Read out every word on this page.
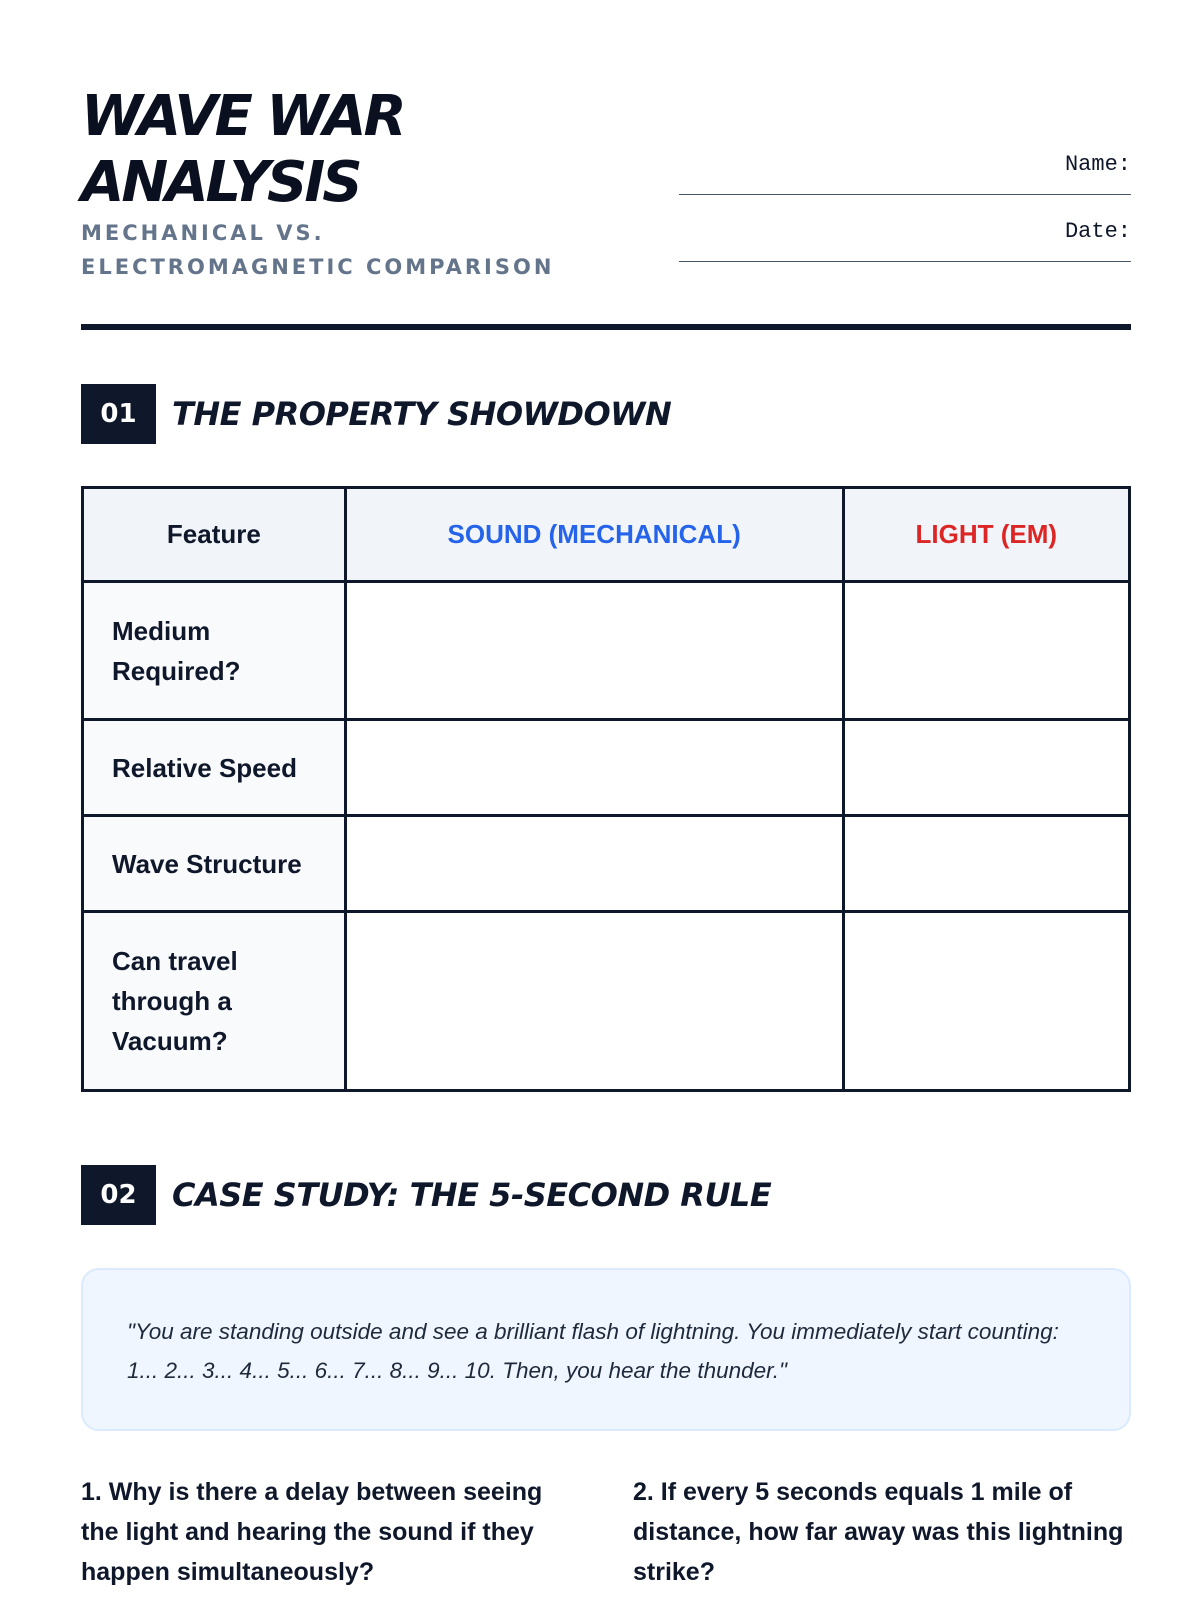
WAVE WAR ANALYSIS
MECHANICAL VS. ELECTROMAGNETIC COMPARISON
Name:
Date:
01	THE PROPERTY SHOWDOWN
Feature	SOUND (MECHANICAL)	LIGHT (EM)
Medium Required?		
Relative Speed		
Wave Structure		
Can travel through a Vacuum?		
02	CASE STUDY: THE 5-SECOND RULE

"You are standing outside and see a brilliant flash of lightning. You immediately start counting: 1... 2... 3... 4... 5... 6... 7... 8... 9... 10. Then, you hear the thunder."

1. Why is there a delay between seeing the light and hearing the sound if they happen simultaneously?

2. If every 5 seconds equals 1 mile of distance, how far away was this lightning strike?
